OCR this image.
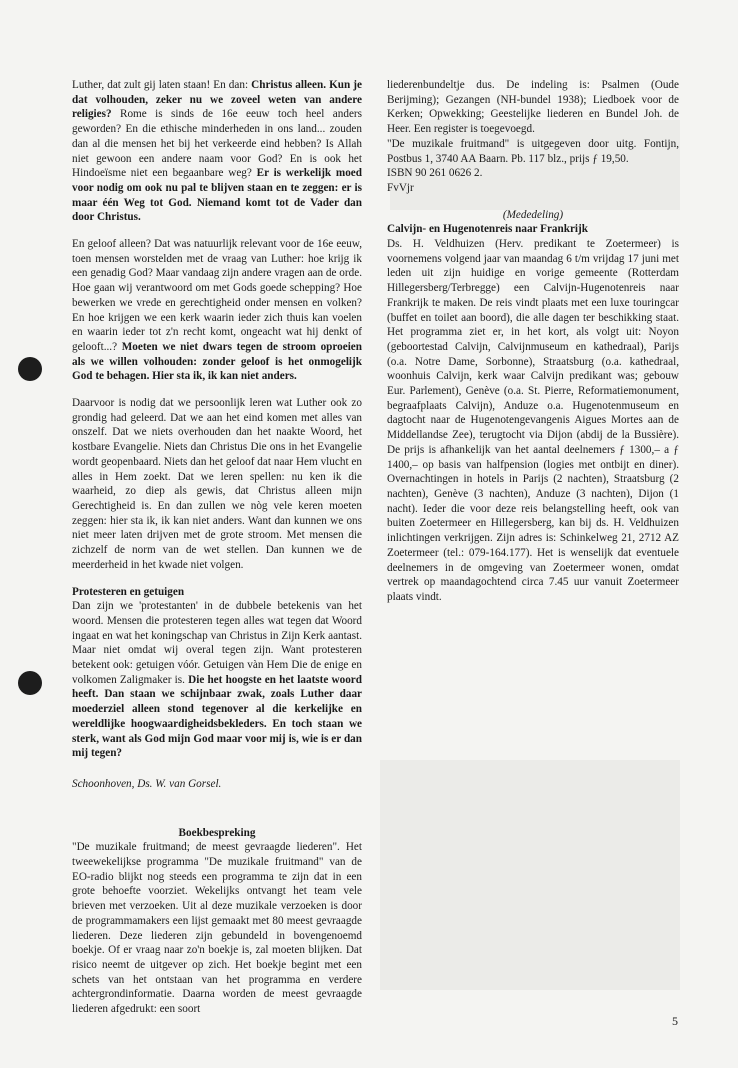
Luther, dat zult gij laten staan! En dan: Christus alleen. Kun je dat volhouden, zeker nu we zoveel weten van andere religies? Rome is sinds de 16e eeuw toch heel anders geworden? En die ethische minderheden in ons land... zouden dan al die mensen het bij het verkeerde eind hebben? Is Allah niet gewoon een andere naam voor God? En is ook het Hindoeïsme niet een begaanbare weg? Er is werkelijk moed voor nodig om ook nu pal te blijven staan en te zeggen: er is maar één Weg tot God. Niemand komt tot de Vader dan door Christus.

En geloof alleen? Dat was natuurlijk relevant voor de 16e eeuw, toen mensen worstelden met de vraag van Luther: hoe krijg ik een genadig God? Maar vandaag zijn andere vragen aan de orde. Hoe gaan wij verantwoord om met Gods goede schepping? Hoe bewerken we vrede en gerechtigheid onder mensen en volken? En hoe krijgen we een kerk waarin ieder zich thuis kan voelen en waarin ieder tot z'n recht komt, ongeacht wat hij denkt of gelooft...? Moeten we niet dwars tegen de stroom oproeien als we willen volhouden: zonder geloof is het onmogelijk God te behagen. Hier sta ik, ik kan niet anders.

Daarvoor is nodig dat we persoonlijk leren wat Luther ook zo grondig had geleerd. Dat we aan het eind komen met alles van onszelf. Dat we niets overhouden dan het naakte Woord, het kostbare Evangelie. Niets dan Christus Die ons in het Evangelie wordt geopenbaard. Niets dan het geloof dat naar Hem vlucht en alles in Hem zoekt. Dat we leren spellen: nu ken ik die waarheid, zo diep als gewis, dat Christus alleen mijn Gerechtigheid is. En dan zullen we nòg vele keren moeten zeggen: hier sta ik, ik kan niet anders. Want dan kunnen we ons niet meer laten drijven met de grote stroom. Met mensen die zichzelf de norm van de wet stellen. Dan kunnen we de meerderheid in het kwade niet volgen.

Protesteren en getuigen

Dan zijn we 'protestanten' in de dubbele betekenis van het woord. Mensen die protesteren tegen alles wat tegen dat Woord ingaat en wat het koningschap van Christus in Zijn Kerk aantast. Maar niet omdat wij overal tegen zijn. Want protesteren betekent ook: getuigen vóór. Getuigen vàn Hem Die de enige en volkomen Zaligmaker is. Die het hoogste en het laatste woord heeft. Dan staan we schijnbaar zwak, zoals Luther daar moederziel alleen stond tegenover al die kerkelijke en wereldlijke hoogwaardigheidsbekleders. En toch staan we sterk, want als God mijn God maar voor mij is, wie is er dan mij tegen?

Schoonhoven, Ds. W. van Gorsel.

Boekbespreking

"De muzikale fruitmand; de meest gevraagde liederen". Het tweewekelijkse programma "De muzikale fruitmand" van de EO-radio blijkt nog steeds een programma te zijn dat in een grote behoefte voorziet. Wekelijks ontvangt het team vele brieven met verzoeken. Uit al deze muzikale verzoeken is door de programmamakers een lijst gemaakt met 80 meest gevraagde liederen. Deze liederen zijn gebundeld in bovengenoemd boekje. Of er vraag naar zo'n boekje is, zal moeten blijken. Dat risico neemt de uitgever op zich. Het boekje begint met een schets van het ontstaan van het programma en verdere achtergrondinformatie. Daarna worden de meest gevraagde liederen afgedrukt: een soort

liederenbundeltje dus. De indeling is: Psalmen (Oude Berijming); Gezangen (NH-bundel 1938); Liedboek voor de Kerken; Opwekking; Geestelijke liederen en Bundel Joh. de Heer. Een register is toegevoegd.

"De muzikale fruitmand" is uitgegeven door uitg. Fontijn, Postbus 1, 3740 AA Baarn. Pb. 117 blz., prijs ƒ 19,50.

ISBN 90 261 0626 2.

FvVjr

(Mededeling)

Calvijn- en Hugenotenreis naar Frankrijk

Ds. H. Veldhuizen (Herv. predikant te Zoetermeer) is voornemens volgend jaar van maandag 6 t/m vrijdag 17 juni met leden uit zijn huidige en vorige gemeente (Rotterdam Hillegersberg/Terbregge) een Calvijn-Hugenotenreis naar Frankrijk te maken. De reis vindt plaats met een luxe touringcar (buffet en toilet aan boord), die alle dagen ter beschikking staat. Het programma ziet er, in het kort, als volgt uit: Noyon (geboortestad Calvijn, Calvijnmuseum en kathedraal), Parijs (o.a. Notre Dame, Sorbonne), Straatsburg (o.a. kathedraal, woonhuis Calvijn, kerk waar Calvijn predikant was; gebouw Eur. Parlement), Genève (o.a. St. Pierre, Reformatiemonument, begraafplaats Calvijn), Anduze o.a. Hugenotenmuseum en dagtocht naar de Hugenotengevangenis Aigues Mortes aan de Middellandse Zee), terugtocht via Dijon (abdij de la Bussière). De prijs is afhankelijk van het aantal deelnemers ƒ 1300,– a ƒ 1400,– op basis van halfpension (logies met ontbijt en diner). Overnachtingen in hotels in Parijs (2 nachten), Straatsburg (2 nachten), Genève (3 nachten), Anduze (3 nachten), Dijon (1 nacht). Ieder die voor deze reis belangstelling heeft, ook van buiten Zoetermeer en Hillegersberg, kan bij ds. H. Veldhuizen inlichtingen verkrijgen. Zijn adres is: Schinkelweg 21, 2712 AZ Zoetermeer (tel.: 079-164.177). Het is wenselijk dat eventuele deelnemers in de omgeving van Zoetermeer wonen, omdat vertrek op maandagochtend circa 7.45 uur vanuit Zoetermeer plaats vindt.

5
